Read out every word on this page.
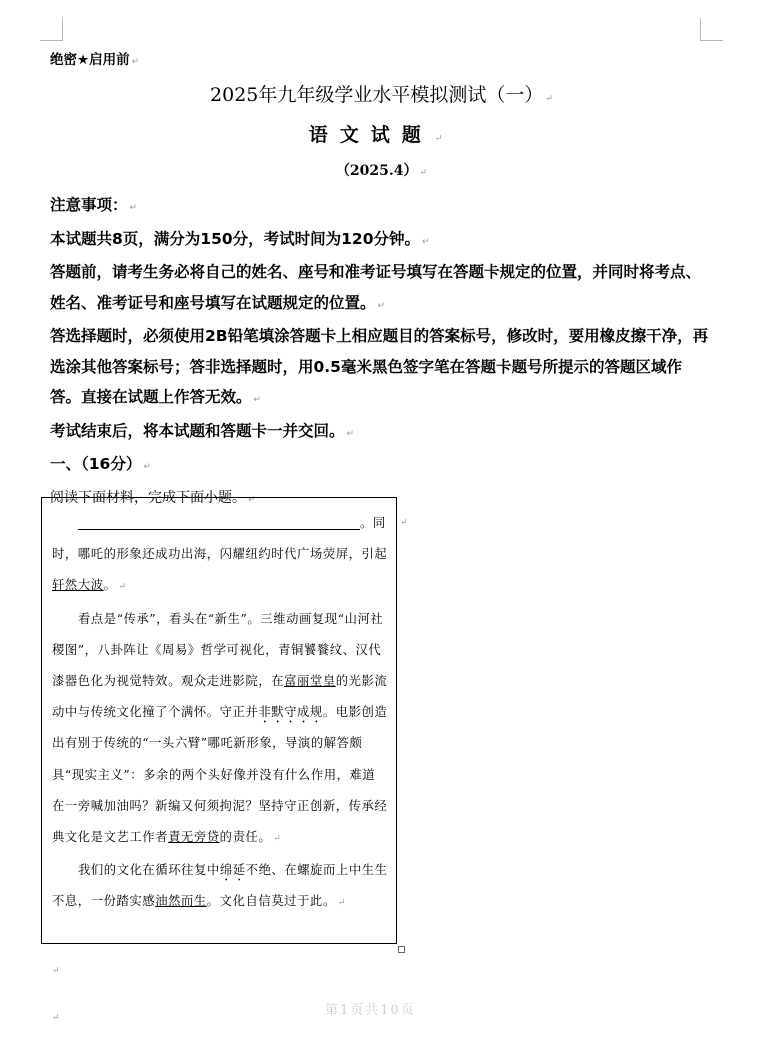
绝密★启用前 ↵
2025年九年级学业水平模拟测试（一） ↵
语文试题 ↵
（2025.4） ↵

注意事项： ↵

本试题共8页，满分为150分，考试时间为120分钟。 ↵

答题前，请考生务必将自己的姓名、座号和准考证号填写在答题卡规定的位置，并同时将考点、姓名、准考证号和座号填写在试题规定的位置。 ↵

答选择题时，必须使用2B铅笔填涂答题卡上相应题目的答案标号，修改时，要用橡皮擦干净，再选涂其他答案标号；答非选择题时，用0.5毫米黑色签字笔在答题卡题号所提示的答题区域作答。直接在试题上作答无效。 ↵

考试结束后，将本试题和答题卡一并交回。 ↵

一、（16分） ↵

阅读下面材料，完成下面小题。 ↵

。同时，哪吒的形象还成功出海，闪耀纽约时代广场荧屏，引起轩然大波。 ↵

看点是“传承”，看头在“新生”。三维动画复现“山河社稷图”，八卦阵让《周易》哲学可视化，青铜饕餮纹、汉代漆器色化为视觉特效。观众走进影院，在富丽堂皇的光影流动中与传统文化撞了个满怀。守正并非默守成规。电影创造出有别于传统的“一头六臂”哪吒新形象，导演的解答颇具“现实主义”：多余的两个头好像并没有什么作用，难道在一旁喊加油吗？新编又何须拘泥？坚持守正创新，传承经典文化是文艺工作者責无旁贷的责任。 ↵

我们的文化在循环往复中绵延不绝、在螺旋而上中生生不息，一份踏实感油然而生。文化自信莫过于此。 ↵

↵
↵
第1页共10页
↵
